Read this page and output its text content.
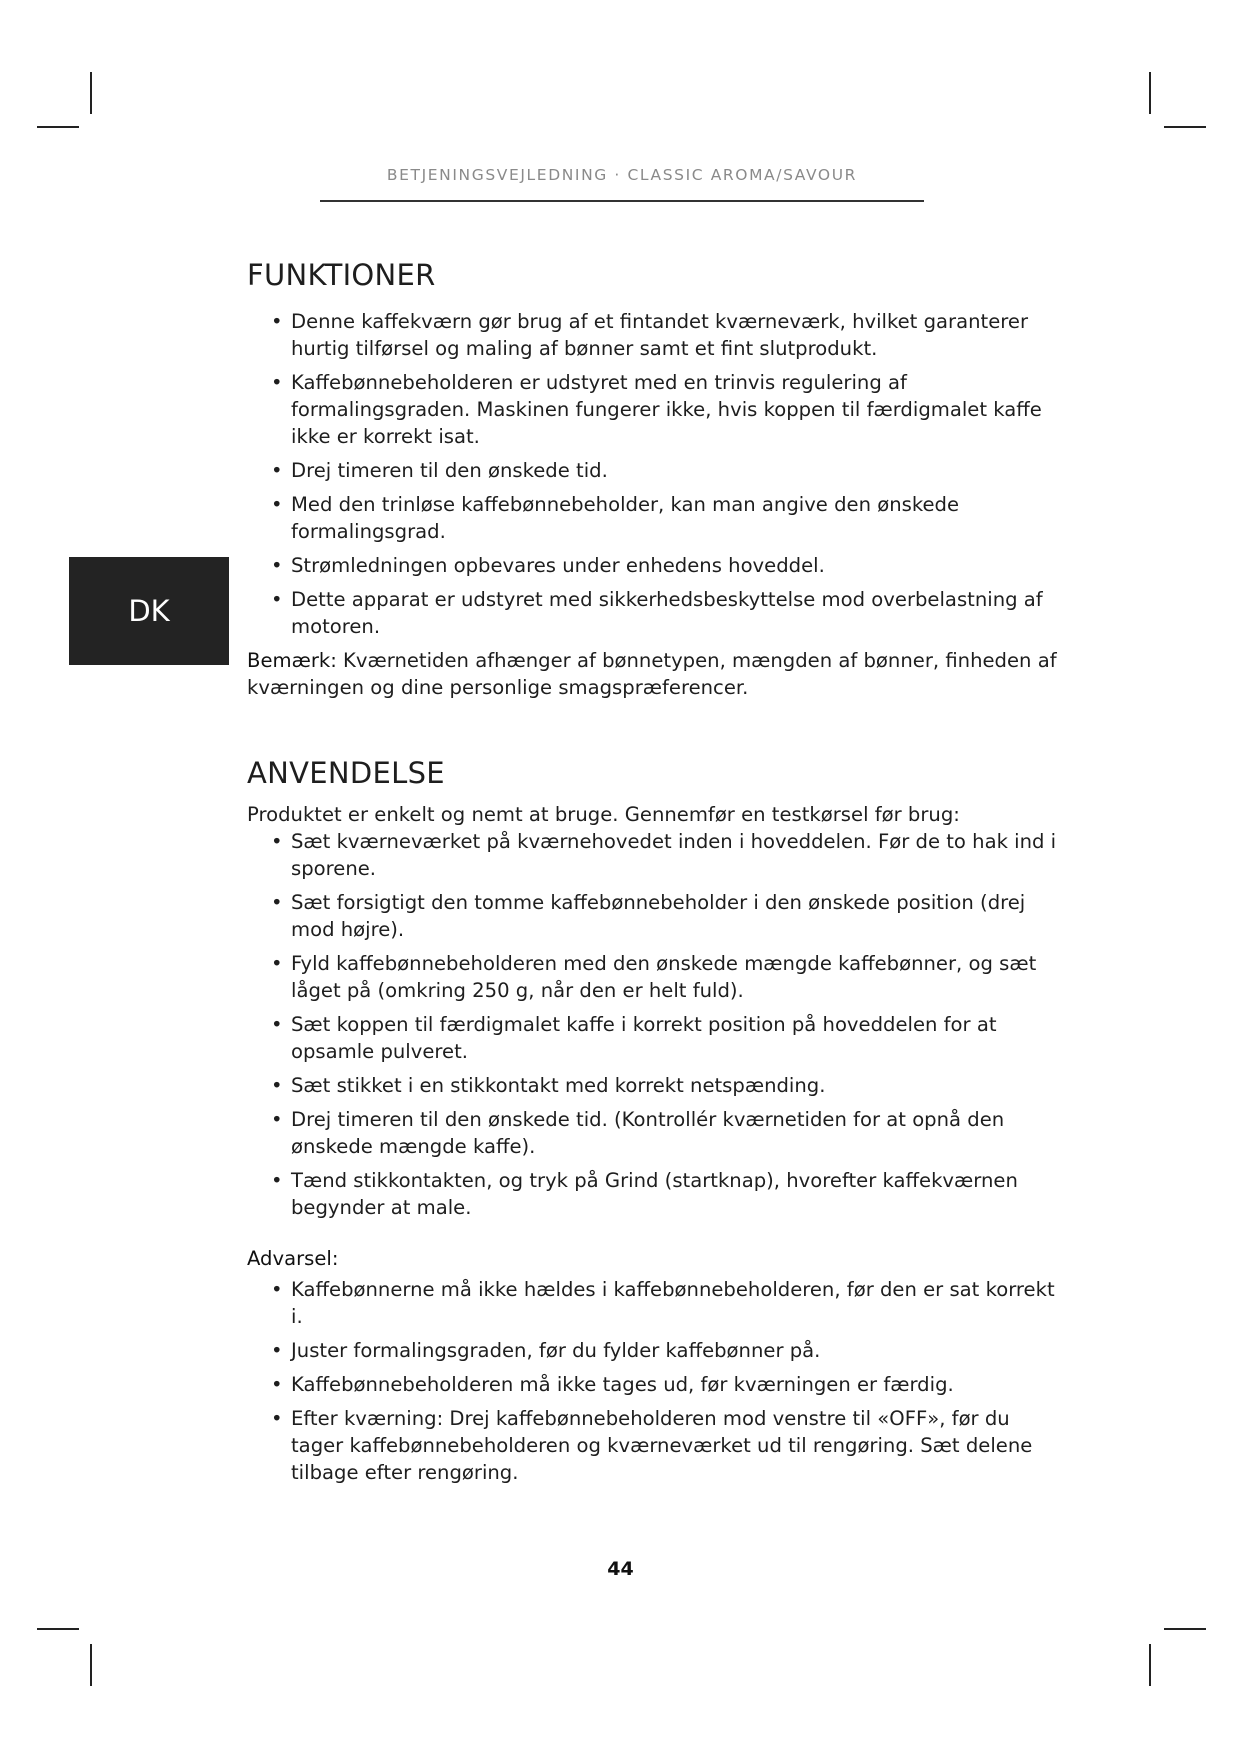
BETJENINGSVEJLEDNING · CLASSIC AROMA/SAVOUR
DK
FUNKTIONER
• Denne kaffekværn gør brug af et fintandet kværneværk, hvilket garanterer hurtig tilførsel og maling af bønner samt et fint slutprodukt.
• Kaffebønnebeholderen er udstyret med en trinvis regulering af formalingsgraden. Maskinen fungerer ikke, hvis koppen til færdigmalet kaffe ikke er korrekt isat.
• Drej timeren til den ønskede tid.
• Med den trinløse kaffebønnebeholder, kan man angive den ønskede formalingsgrad.
• Strømledningen opbevares under enhedens hoveddel.
• Dette apparat er udstyret med sikkerhedsbeskyttelse mod overbelastning af motoren.

Bemærk: Kværnetiden afhænger af bønnetypen, mængden af bønner, finheden af kværningen og dine personlige smagspræferencer.

ANVENDELSE

Produktet er enkelt og nemt at bruge. Gennemfør en testkørsel før brug:

• Sæt kværneværket på kværnehovedet inden i hoveddelen. Før de to hak ind i sporene.
• Sæt forsigtigt den tomme kaffebønnebeholder i den ønskede position (drej mod højre).
• Fyld kaffebønnebeholderen med den ønskede mængde kaffebønner, og sæt låget på (omkring 250 g, når den er helt fuld).
• Sæt koppen til færdigmalet kaffe i korrekt position på hoveddelen for at opsamle pulveret.
• Sæt stikket i en stikkontakt med korrekt netspænding.
• Drej timeren til den ønskede tid. (Kontrollér kværnetiden for at opnå den ønskede mængde kaffe).
• Tænd stikkontakten, og tryk på Grind (startknap), hvorefter kaffekværnen begynder at male.
Advarsel:
• Kaffebønnerne må ikke hældes i kaffebønnebeholderen, før den er sat korrekt i.
• Juster formalingsgraden, før du fylder kaffebønner på.
• Kaffebønnebeholderen må ikke tages ud, før kværningen er færdig.
• Efter kværning: Drej kaffebønnebeholderen mod venstre til «OFF», før du tager kaffebønnebeholderen og kværneværket ud til rengøring. Sæt delene tilbage efter rengøring.
44
